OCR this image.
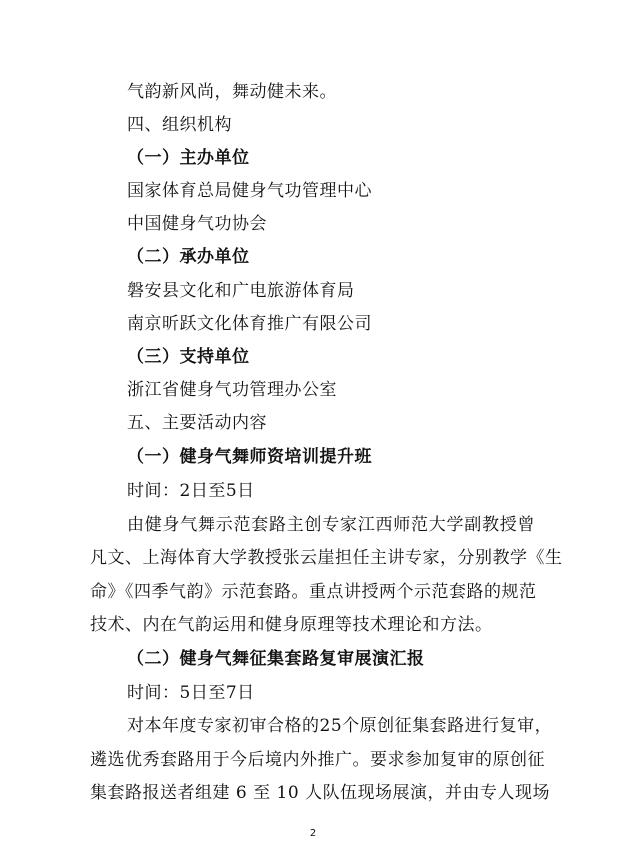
气韵新风尚，舞动健未来。
四、组织机构
（一）主办单位
国家体育总局健身气功管理中心
中国健身气功协会
（二）承办单位
磐安县文化和广电旅游体育局
南京昕跃文化体育推广有限公司
（三）支持单位
浙江省健身气功管理办公室
五、主要活动内容
（一）健身气舞师资培训提升班
时间：2日至5日
由健身气舞示范套路主创专家江西师范大学副教授曾
凡文、上海体育大学教授张云崖担任主讲专家，分别教学《生
命》《四季气韵》示范套路。重点讲授两个示范套路的规范
技术、内在气韵运用和健身原理等技术理论和方法。
（二）健身气舞征集套路复审展演汇报
时间：5日至7日
对本年度专家初审合格的25个原创征集套路进行复审，
遴选优秀套路用于今后境内外推广。要求参加复审的原创征
集套路报送者组建 6 至 10 人队伍现场展演，并由专人现场
2
